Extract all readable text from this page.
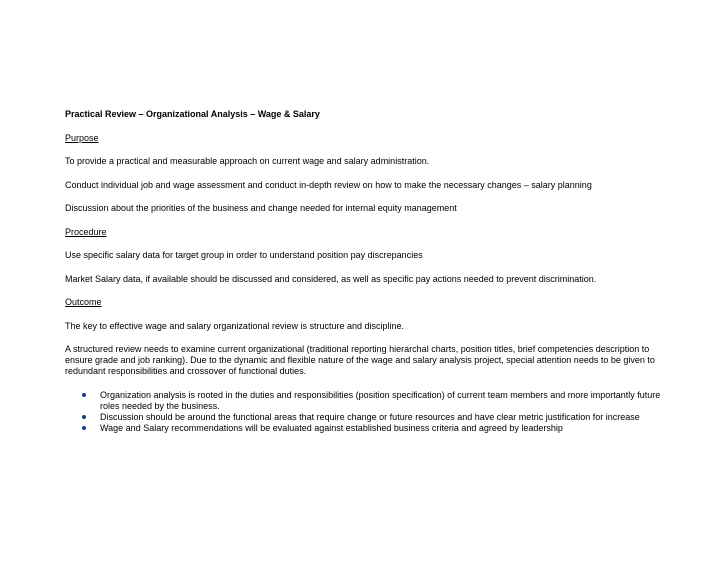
Practical Review – Organizational Analysis – Wage & Salary
Purpose
To provide a practical and measurable approach on current wage and salary administration.
Conduct individual job and wage assessment and conduct in-depth review on how to make the necessary changes – salary planning
Discussion about the priorities of the business and change needed for internal equity management
Procedure
Use specific salary data for target group in order to understand position pay discrepancies
Market Salary data, if available should be discussed and considered, as well as specific pay actions needed to prevent discrimination.
Outcome
The key to effective wage and salary organizational review is structure and discipline.
A structured review needs to examine current organizational (traditional reporting hierarchal charts, position titles, brief competencies description to ensure grade and job ranking). Due to the dynamic and flexible nature of the wage and salary analysis project, special attention needs to be given to redundant responsibilities and crossover of functional duties.
Organization analysis is rooted in the duties and responsibilities (position specification) of current team members and more importantly future roles needed by the business.
Discussion should be around the functional areas that require change or future resources and have clear metric justification for increase
Wage and Salary recommendations will be evaluated against established business criteria and agreed by leadership
